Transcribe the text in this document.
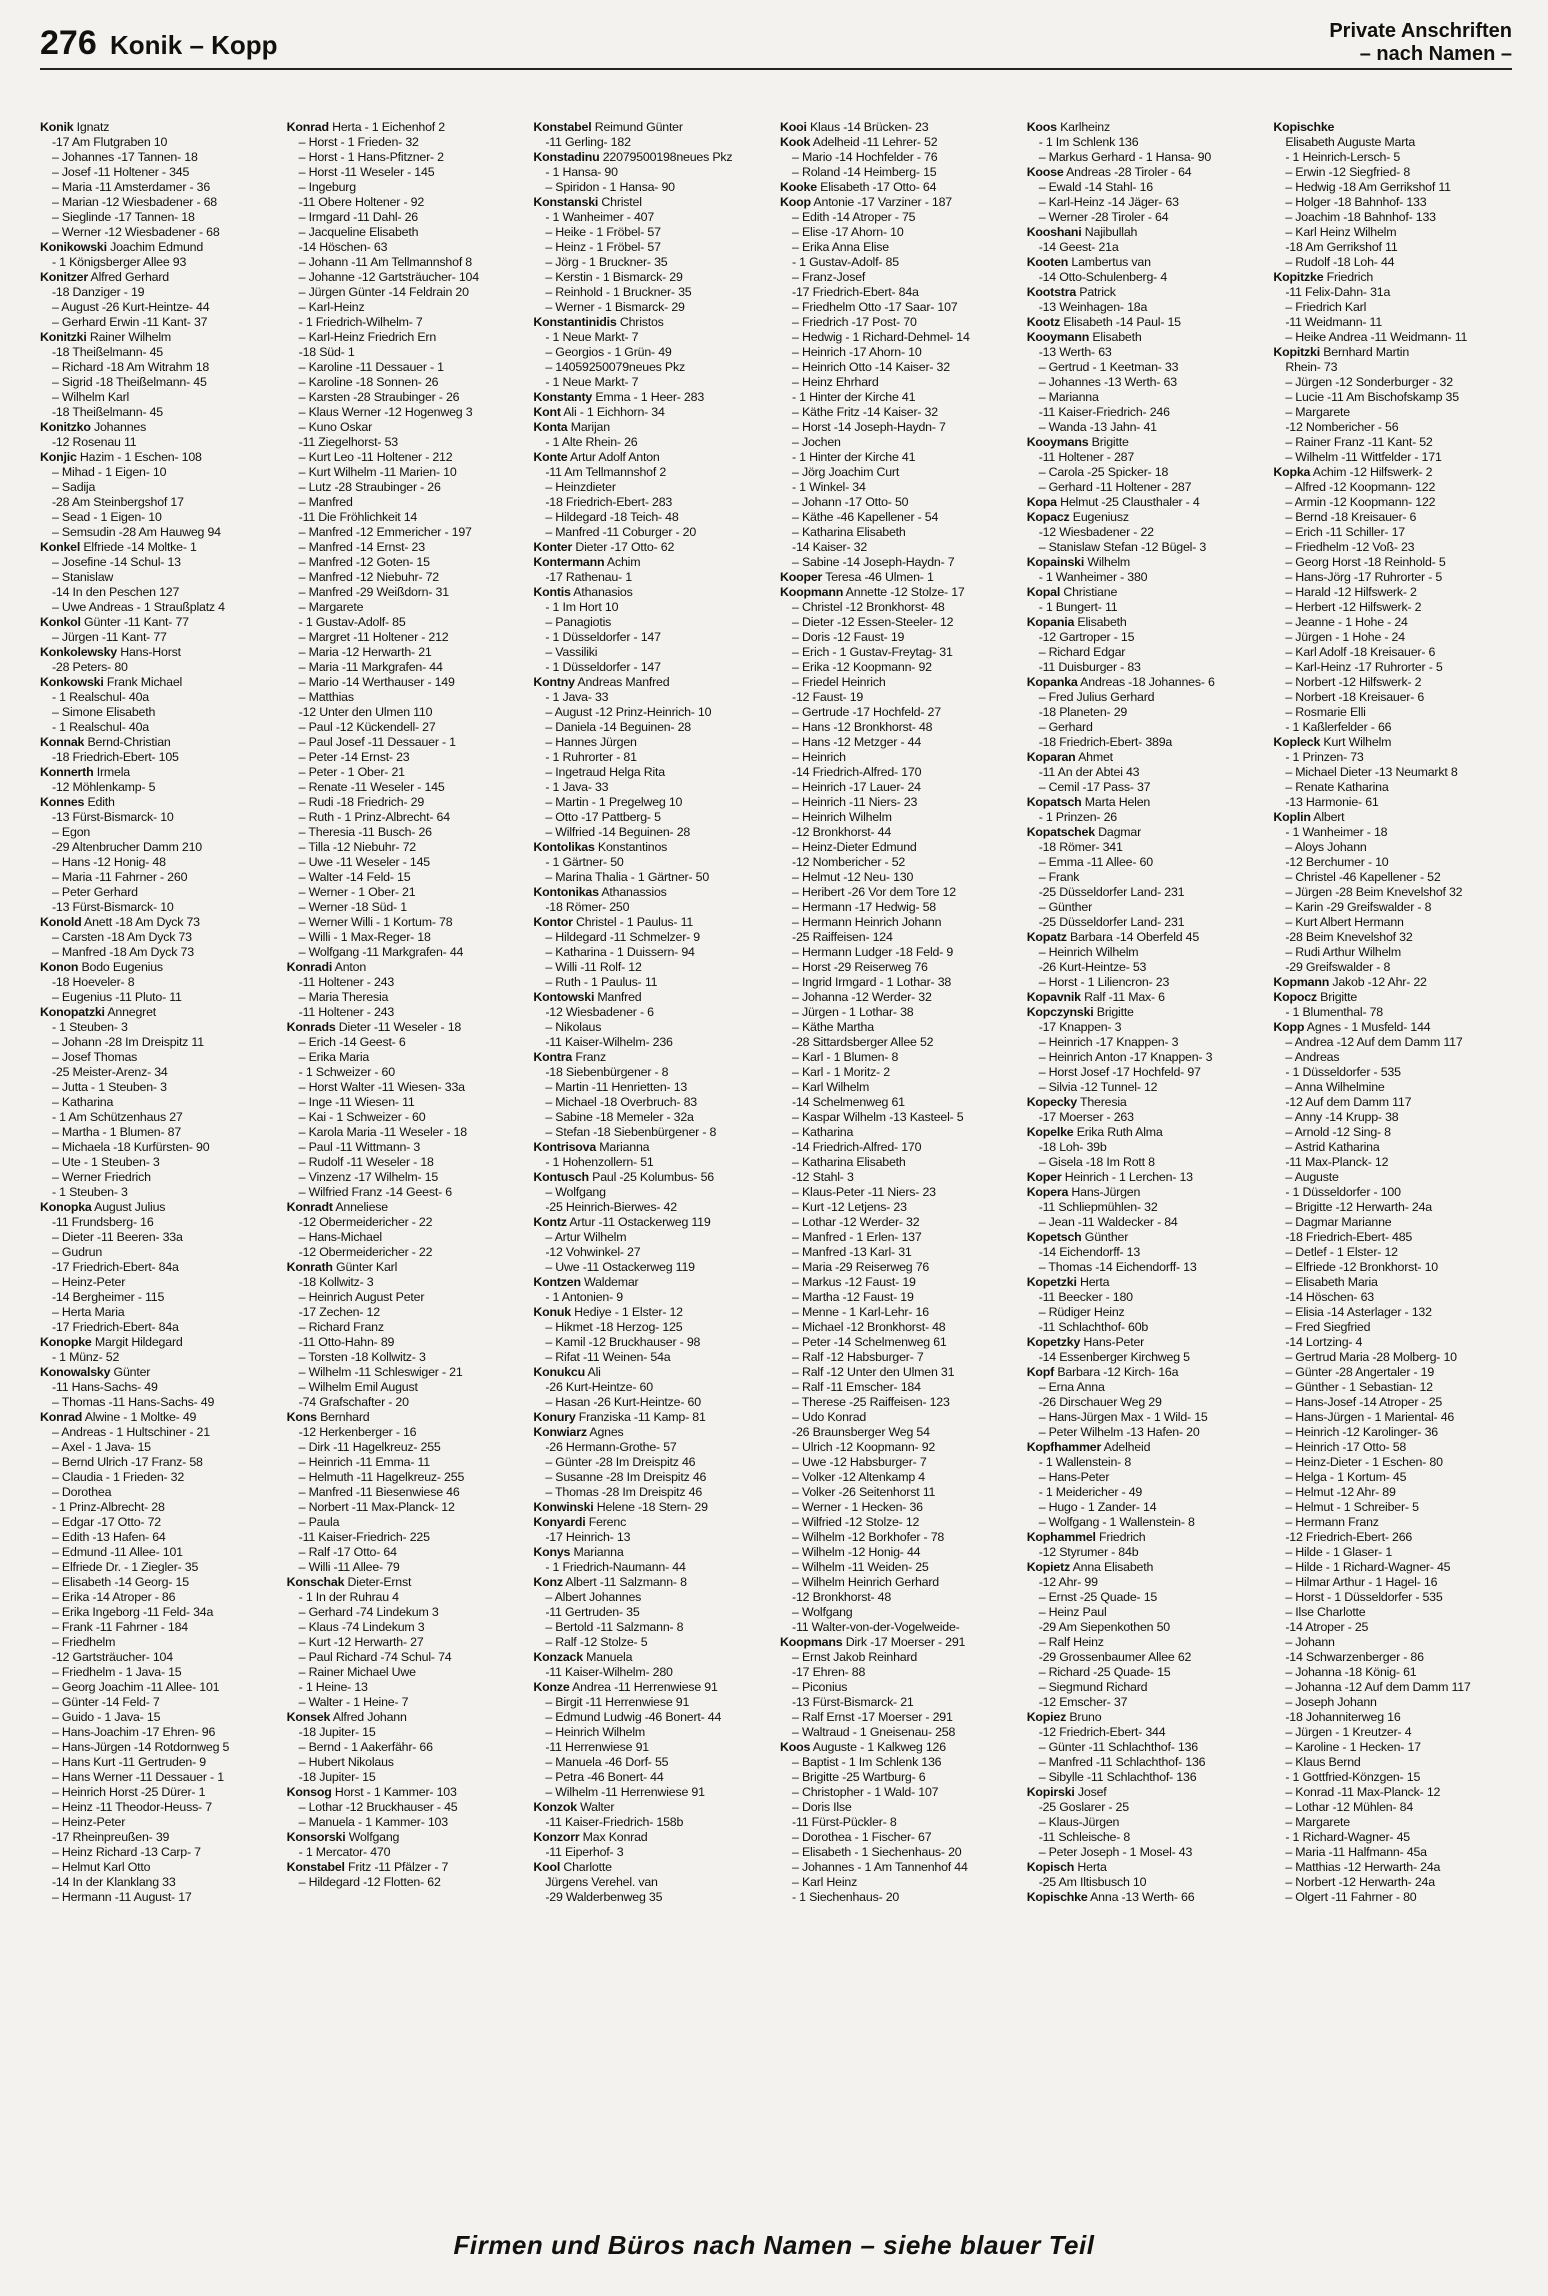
276 Konik – Kopp	Private Anschriften
– nach Namen –
Konik Ignatz
-17 Am Flutgraben 10
– Johannes -17 Tannen- 18
– Josef -11 Holtener - 345
– Maria -11 Amsterdamer - 36
– Marian -12 Wiesbadener - 68
– Sieglinde -17 Tannen- 18
– Werner -12 Wiesbadener - 68
Konikowski Joachim Edmund
- 1 Königsberger Allee 93
Konitzer Alfred Gerhard
-18 Danziger - 19
– August -26 Kurt-Heintze- 44
– Gerhard Erwin -11 Kant- 37
Konitzki Rainer Wilhelm
-18 Theißelmann- 45
– Richard -18 Am Witrahm 18
– Sigrid -18 Theißelmann- 45
– Wilhelm Karl
-18 Theißelmann- 45
Konitzko Johannes
-12 Rosenau 11
Konjic Hazim - 1 Eschen- 108
– Mihad - 1 Eigen- 10
– Sadija
-28 Am Steinbergshof 17
– Sead - 1 Eigen- 10
– Semsudin -28 Am Hauweg 94
Konkel Elfriede -14 Moltke- 1
– Josefine -14 Schul- 13
– Stanislaw
-14 In den Peschen 127
– Uwe Andreas - 1 Straußplatz 4
Konkol Günter -11 Kant- 77
– Jürgen -11 Kant- 77
Konkolewsky Hans-Horst
-28 Peters- 80
Konkowski Frank Michael
- 1 Realschul- 40a
– Simone Elisabeth
- 1 Realschul- 40a
Konnak Bernd-Christian
-18 Friedrich-Ebert- 105
Konnerth Irmela
-12 Möhlenkamp- 5
Konnes Edith
-13 Fürst-Bismarck- 10
– Egon
-29 Altenbrucher Damm 210
– Hans -12 Honig- 48
– Maria -11 Fahrner - 260
– Peter Gerhard
-13 Fürst-Bismarck- 10
Konold Anett -18 Am Dyck 73
– Carsten -18 Am Dyck 73
– Manfred -18 Am Dyck 73
Konon Bodo Eugenius
-18 Hoeveler- 8
– Eugenius -11 Pluto- 11
Konopatzki Annegret
- 1 Steuben- 3
– Johann -28 Im Dreispitz 11
– Josef Thomas
-25 Meister-Arenz- 34
– Jutta - 1 Steuben- 3
– Katharina
- 1 Am Schützenhaus 27
– Martha - 1 Blumen- 87
– Michaela -18 Kurfürsten- 90
– Ute - 1 Steuben- 3
– Werner Friedrich
- 1 Steuben- 3
Konopka August Julius
-11 Frundsberg- 16
– Dieter -11 Beeren- 33a
– Gudrun
-17 Friedrich-Ebert- 84a
– Heinz-Peter
-14 Bergheimer - 115
– Herta Maria
-17 Friedrich-Ebert- 84a
Konopke Margit Hildegard
- 1 Münz- 52
Konowalsky Günter
-11 Hans-Sachs- 49
– Thomas -11 Hans-Sachs- 49
Konrad Alwine - 1 Moltke- 49
– Andreas - 1 Hultschiner - 21
– Axel - 1 Java- 15
– Bernd Ulrich -17 Franz- 58
– Claudia - 1 Frieden- 32
– Dorothea
- 1 Prinz-Albrecht- 28
– Edgar -17 Otto- 72
– Edith -13 Hafen- 64
– Edmund -11 Allee- 101
– Elfriede Dr. - 1 Ziegler- 35
– Elisabeth -14 Georg- 15
– Erika -14 Atroper - 86
– Erika Ingeborg -11 Feld- 34a
– Frank -11 Fahrner - 184
– Friedhelm
-12 Gartsträucher- 104
– Friedhelm - 1 Java- 15
– Georg Joachim -11 Allee- 101
– Günter -14 Feld- 7
– Guido - 1 Java- 15
– Hans-Joachim -17 Ehren- 96
– Hans-Jürgen -14 Rotdornweg 5
– Hans Kurt -11 Gertruden- 9
– Hans Werner -11 Dessauer - 1
– Heinrich Horst -25 Dürer- 1
– Heinz -11 Theodor-Heuss- 7
– Heinz-Peter
-17 Rheinpreußen- 39
– Heinz Richard -13 Carp- 7
– Helmut Karl Otto
-14 In der Klanklang 33
– Hermann -11 August- 17
Konrad Herta - 1 Eichenhof 2
– Horst - 1 Frieden- 32
– Horst - 1 Hans-Pfitzner- 2
– Horst -11 Weseler - 145
– Ingeburg
-11 Obere Holtener - 92
– Irmgard -11 Dahl- 26
– Jacqueline Elisabeth
-14 Höschen- 63
– Johann -11 Am Tellmannshof 8
– Johanne -12 Gartsträucher- 104
– Jürgen Günter -14 Feldrain 20
– Karl-Heinz
- 1 Friedrich-Wilhelm- 7
– Karl-Heinz Friedrich Ern
-18 Süd- 1
– Karoline -11 Dessauer - 1
– Karoline -18 Sonnen- 26
– Karsten -28 Straubinger - 26
– Klaus Werner -12 Hogenweg 3
– Kuno Oskar
-11 Ziegelhorst- 53
– Kurt Leo -11 Holtener - 212
– Kurt Wilhelm -11 Marien- 10
– Lutz -28 Straubinger - 26
– Manfred
-11 Die Fröhlichkeit 14
– Manfred -12 Emmericher - 197
– Manfred -14 Ernst- 23
– Manfred -12 Goten- 15
– Manfred -12 Niebuhr- 72
– Manfred -29 Weißdorn- 31
– Margarete
- 1 Gustav-Adolf- 85
– Margret -11 Holtener - 212
– Maria -12 Herwarth- 21
– Maria -11 Markgrafen- 44
– Mario -14 Werthauser - 149
– Matthias
-12 Unter den Ulmen 110
– Paul -12 Kückendell- 27
– Paul Josef -11 Dessauer - 1
– Peter -14 Ernst- 23
– Peter - 1 Ober- 21
– Renate -11 Weseler - 145
– Rudi -18 Friedrich- 29
– Ruth - 1 Prinz-Albrecht- 64
– Theresia -11 Busch- 26
– Tilla -12 Niebuhr- 72
– Uwe -11 Weseler - 145
– Walter -14 Feld- 15
– Werner - 1 Ober- 21
– Werner -18 Süd- 1
– Werner Willi - 1 Kortum- 78
– Willi - 1 Max-Reger- 18
– Wolfgang -11 Markgrafen- 44
Konradi Anton
-11 Holtener - 243
– Maria Theresia
-11 Holtener - 243
Konrads Dieter -11 Weseler - 18
– Erich -14 Geest- 6
– Erika Maria
- 1 Schweizer - 60
– Horst Walter -11 Wiesen- 33a
– Inge -11 Wiesen- 11
– Kai - 1 Schweizer - 60
– Karola Maria -11 Weseler - 18
– Paul -11 Wittmann- 3
– Rudolf -11 Weseler - 18
– Vinzenz -17 Wilhelm- 15
– Wilfried Franz -14 Geest- 6
Konradt Anneliese
-12 Obermeidericher - 22
– Hans-Michael
-12 Obermeidericher - 22
Konrath Günter Karl
-18 Kollwitz- 3
– Heinrich August Peter
-17 Zechen- 12
– Richard Franz
-11 Otto-Hahn- 89
– Torsten -18 Kollwitz- 3
– Wilhelm -11 Schleswiger - 21
– Wilhelm Emil August
-74 Grafschafter - 20
Kons Bernhard
-12 Herkenberger - 16
– Dirk -11 Hagelkreuz- 255
– Heinrich -11 Emma- 11
– Helmuth -11 Hagelkreuz- 255
– Manfred -11 Biesenwiese 46
– Norbert -11 Max-Planck- 12
– Paula
-11 Kaiser-Friedrich- 225
– Ralf -17 Otto- 64
– Willi -11 Allee- 79
Konschak Dieter-Ernst
- 1 In der Ruhrau 4
– Gerhard -74 Lindekum 3
– Klaus -74 Lindekum 3
– Kurt -12 Herwarth- 27
– Paul Richard -74 Schul- 74
– Rainer Michael Uwe
- 1 Heine- 13
– Walter - 1 Heine- 7
Konsek Alfred Johann
-18 Jupiter- 15
– Bernd - 1 Aakerfähr- 66
– Hubert Nikolaus
-18 Jupiter- 15
Konsog Horst - 1 Kammer- 103
– Lothar -12 Bruckhauser - 45
– Manuela - 1 Kammer- 103
Konsorski Wolfgang
- 1 Mercator- 470
Konstabel Fritz -11 Pfälzer - 7
– Hildegard -12 Flotten- 62
Konstabel Reimund Günter
-11 Gerling- 182
Konstadinu 22079500198neues Pkz
- 1 Hansa- 90
– Spiridon - 1 Hansa- 90
Konstanski Christel
- 1 Wanheimer - 407
– Heike - 1 Fröbel- 57
– Heinz - 1 Fröbel- 57
– Jörg - 1 Bruckner- 35
– Kerstin - 1 Bismarck- 29
– Reinhold - 1 Bruckner- 35
– Werner - 1 Bismarck- 29
Konstantinidis Christos
- 1 Neue Markt- 7
– Georgios - 1 Grün- 49
– 14059250079neues Pkz
- 1 Neue Markt- 7
Konstanty Emma - 1 Heer- 283
Kont Ali - 1 Eichhorn- 34
Konta Marijan
- 1 Alte Rhein- 26
Konte Artur Adolf Anton
-11 Am Tellmannshof 2
– Heinzdieter
-18 Friedrich-Ebert- 283
– Hildegard -18 Teich- 48
– Manfred -11 Coburger - 20
Konter Dieter -17 Otto- 62
Kontermann Achim
-17 Rathenau- 1
Kontis Athanasios
- 1 Im Hort 10
– Panagiotis
- 1 Düsseldorfer - 147
– Vassiliki
- 1 Düsseldorfer - 147
Kontny Andreas Manfred
- 1 Java- 33
– August -12 Prinz-Heinrich- 10
– Daniela -14 Beguinen- 28
– Hannes Jürgen
- 1 Ruhrorter - 81
– Ingetraud Helga Rita
- 1 Java- 33
– Martin - 1 Pregelweg 10
– Otto -17 Pattberg- 5
– Wilfried -14 Beguinen- 28
Kontolikas Konstantinos
- 1 Gärtner- 50
– Marina Thalia - 1 Gärtner- 50
Kontonikas Athanassios
-18 Römer- 250
Kontor Christel - 1 Paulus- 11
– Hildegard -11 Schmelzer- 9
– Katharina - 1 Duissern- 94
– Willi -11 Rolf- 12
– Ruth - 1 Paulus- 11
Kontowski Manfred
-12 Wiesbadener - 6
– Nikolaus
-11 Kaiser-Wilhelm- 236
Kontra Franz
-18 Siebenbürgener - 8
– Martin -11 Henrietten- 13
– Michael -18 Overbruch- 83
– Sabine -18 Memeler - 32a
– Stefan -18 Siebenbürgener - 8
Kontrisova Marianna
- 1 Hohenzollern- 51
Kontusch Paul -25 Kolumbus- 56
– Wolfgang
-25 Heinrich-Bierwes- 42
Kontz Artur -11 Ostackerweg 119
– Artur Wilhelm
-12 Vohwinkel- 27
– Uwe -11 Ostackerweg 119
Kontzen Waldemar
- 1 Antonien- 9
Konuk Hediye - 1 Elster- 12
– Hikmet -18 Herzog- 125
– Kamil -12 Bruckhauser - 98
– Rifat -11 Weinen- 54a
Konukcu Ali
-26 Kurt-Heintze- 60
– Hasan -26 Kurt-Heintze- 60
Konury Franziska -11 Kamp- 81
Konwiarz Agnes
-26 Hermann-Grothe- 57
– Günter -28 Im Dreispitz 46
– Susanne -28 Im Dreispitz 46
– Thomas -28 Im Dreispitz 46
Konwinski Helene -18 Stern- 29
Konyardi Ferenc
-17 Heinrich- 13
Konys Marianna
- 1 Friedrich-Naumann- 44
Konz Albert -11 Salzmann- 8
– Albert Johannes
-11 Gertruden- 35
– Bertold -11 Salzmann- 8
– Ralf -12 Stolze- 5
Konzack Manuela
-11 Kaiser-Wilhelm- 280
Konze Andrea -11 Herrenwiese 91
– Birgit -11 Herrenwiese 91
– Edmund Ludwig -46 Bonert- 44
– Heinrich Wilhelm
-11 Herrenwiese 91
– Manuela -46 Dorf- 55
– Petra -46 Bonert- 44
– Wilhelm -11 Herrenwiese 91
Konzok Walter
-11 Kaiser-Friedrich- 158b
Konzorr Max Konrad
-11 Eiperhof- 3
Kool Charlotte
Jürgens Verehel. van
-29 Walderbenweg 35
Kooi Klaus -14 Brücken- 23
Kook Adelheid -11 Lehrer- 52
– Mario -14 Hochfelder - 76
– Roland -14 Heimberg- 15
Kooke Elisabeth -17 Otto- 64
Koop Antonie -17 Varziner - 187
– Edith -14 Atroper - 75
– Elise -17 Ahorn- 10
– Erika Anna Elise
- 1 Gustav-Adolf- 85
– Franz-Josef
-17 Friedrich-Ebert- 84a
– Friedhelm Otto -17 Saar- 107
– Friedrich -17 Post- 70
– Hedwig - 1 Richard-Dehmel- 14
– Heinrich -17 Ahorn- 10
– Heinrich Otto -14 Kaiser- 32
– Heinz Ehrhard
- 1 Hinter der Kirche 41
– Käthe Fritz -14 Kaiser- 32
– Horst -14 Joseph-Haydn- 7
– Jochen
- 1 Hinter der Kirche 41
– Jörg Joachim Curt
- 1 Winkel- 34
– Johann -17 Otto- 50
– Käthe -46 Kapellener - 54
– Katharina Elisabeth
-14 Kaiser- 32
– Sabine -14 Joseph-Haydn- 7
Kooper Teresa -46 Ulmen- 1
Koopmann Annette -12 Stolze- 17
– Christel -12 Bronkhorst- 48
– Dieter -12 Essen-Steeler- 12
– Doris -12 Faust- 19
– Erich - 1 Gustav-Freytag- 31
– Erika -12 Koopmann- 92
– Friedel Heinrich
-12 Faust- 19
– Gertrude -17 Hochfeld- 27
– Hans -12 Bronkhorst- 48
– Hans -12 Metzger - 44
– Heinrich
-14 Friedrich-Alfred- 170
– Heinrich -17 Lauer- 24
– Heinrich -11 Niers- 23
– Heinrich Wilhelm
-12 Bronkhorst- 44
– Heinz-Dieter Edmund
-12 Nombericher - 52
– Helmut -12 Neu- 130
– Heribert -26 Vor dem Tore 12
– Hermann -17 Hedwig- 58
– Hermann Heinrich Johann
-25 Raiffeisen- 124
– Hermann Ludger -18 Feld- 9
– Horst -29 Reiserweg 76
– Ingrid Irmgard - 1 Lothar- 38
– Johanna -12 Werder- 32
– Jürgen - 1 Lothar- 38
– Käthe Martha
-28 Sittardsberger Allee 52
– Karl - 1 Blumen- 8
– Karl - 1 Moritz- 2
– Karl Wilhelm
-14 Schelmenweg 61
– Kaspar Wilhelm -13 Kasteel- 5
– Katharina
-14 Friedrich-Alfred- 170
– Katharina Elisabeth
-12 Stahl- 3
– Klaus-Peter -11 Niers- 23
– Kurt -12 Letjens- 23
– Lothar -12 Werder- 32
– Manfred - 1 Erlen- 137
– Manfred -13 Karl- 31
– Maria -29 Reiserweg 76
– Markus -12 Faust- 19
– Martha -12 Faust- 19
– Menne - 1 Karl-Lehr- 16
– Michael -12 Bronkhorst- 48
– Peter -14 Schelmenweg 61
– Ralf -12 Habsburger- 7
– Ralf -12 Unter den Ulmen 31
– Ralf -11 Emscher- 184
– Therese -25 Raiffeisen- 123
– Udo Konrad
-26 Braunsberger Weg 54
– Ulrich -12 Koopmann- 92
– Uwe -12 Habsburger- 7
– Volker -12 Altenkamp 4
– Volker -26 Seitenhorst 11
– Werner - 1 Hecken- 36
– Wilfried -12 Stolze- 12
– Wilhelm -12 Borkhofer - 78
– Wilhelm -12 Honig- 44
– Wilhelm -11 Weiden- 25
– Wilhelm Heinrich Gerhard
-12 Bronkhorst- 48
– Wolfgang
-11 Walter-von-der-Vogelweide-
Koopmans Dirk -17 Moerser - 291
– Ernst Jakob Reinhard
-17 Ehren- 88
– Piconius
-13 Fürst-Bismarck- 21
– Ralf Ernst -17 Moerser - 291
– Waltraud - 1 Gneisenau- 258
Koos Auguste - 1 Kalkweg 126
– Baptist - 1 Im Schlenk 136
– Brigitte -25 Wartburg- 6
– Christopher - 1 Wald- 107
– Doris Ilse
-11 Fürst-Pückler- 8
– Dorothea - 1 Fischer- 67
– Elisabeth - 1 Siechenhaus- 20
– Johannes - 1 Am Tannenhof 44
– Karl Heinz
- 1 Siechenhaus- 20
Koos Karlheinz
- 1 Im Schlenk 136
– Markus Gerhard - 1 Hansa- 90
Koose Andreas -28 Tiroler - 64
– Ewald -14 Stahl- 16
– Karl-Heinz -14 Jäger- 63
– Werner -28 Tiroler - 64
Kooshani Najibullah
-14 Geest- 21a
Kooten Lambertus van
-14 Otto-Schulenberg- 4
Kootstra Patrick
-13 Weinhagen- 18a
Kootz Elisabeth -14 Paul- 15
Kooymann Elisabeth
-13 Werth- 63
– Gertrud - 1 Keetman- 33
– Johannes -13 Werth- 63
– Marianna
-11 Kaiser-Friedrich- 246
– Wanda -13 Jahn- 41
Kooymans Brigitte
-11 Holtener - 287
– Carola -25 Spicker- 18
– Gerhard -11 Holtener - 287
Kopa Helmut -25 Clausthaler - 4
Kopacz Eugeniusz
-12 Wiesbadener - 22
– Stanislaw Stefan -12 Bügel- 3
Kopainski Wilhelm
- 1 Wanheimer - 380
Kopal Christiane
- 1 Bungert- 11
Kopania Elisabeth
-12 Gartroper - 15
– Richard Edgar
-11 Duisburger - 83
Kopanka Andreas -18 Johannes- 6
– Fred Julius Gerhard
-18 Planeten- 29
– Gerhard
-18 Friedrich-Ebert- 389a
Koparan Ahmet
-11 An der Abtei 43
– Cemil -17 Pass- 37
Kopatsch Marta Helen
- 1 Prinzen- 26
Kopatschek Dagmar
-18 Römer- 341
– Emma -11 Allee- 60
– Frank
-25 Düsseldorfer Land- 231
– Günther
-25 Düsseldorfer Land- 231
Kopatz Barbara -14 Oberfeld 45
– Heinrich Wilhelm
-26 Kurt-Heintze- 53
– Horst - 1 Liliencron- 23
Kopavnik Ralf -11 Max- 6
Kopczynski Brigitte
-17 Knappen- 3
– Heinrich -17 Knappen- 3
– Heinrich Anton -17 Knappen- 3
– Horst Josef -17 Hochfeld- 97
– Silvia -12 Tunnel- 12
Kopecky Theresia
-17 Moerser - 263
Kopelke Erika Ruth Alma
-18 Loh- 39b
– Gisela -18 Im Rott 8
Koper Heinrich - 1 Lerchen- 13
Kopera Hans-Jürgen
-11 Schliepmühlen- 32
– Jean -11 Waldecker - 84
Kopetsch Günther
-14 Eichendorff- 13
– Thomas -14 Eichendorff- 13
Kopetzki Herta
-11 Beecker - 180
– Rüdiger Heinz
-11 Schlachthof- 60b
Kopetzky Hans-Peter
-14 Essenberger Kirchweg 5
Kopf Barbara -12 Kirch- 16a
– Erna Anna
-26 Dirschauer Weg 29
– Hans-Jürgen Max - 1 Wild- 15
– Peter Wilhelm -13 Hafen- 20
Kopfhammer Adelheid
- 1 Wallenstein- 8
– Hans-Peter
- 1 Meidericher - 49
– Hugo - 1 Zander- 14
– Wolfgang - 1 Wallenstein- 8
Kophammel Friedrich
-12 Styrumer - 84b
Kopietz Anna Elisabeth
-12 Ahr- 99
– Ernst -25 Quade- 15
– Heinz Paul
-29 Am Siepenkothen 50
– Ralf Heinz
-29 Grossenbaumer Allee 62
– Richard -25 Quade- 15
– Siegmund Richard
-12 Emscher- 37
Kopiez Bruno
-12 Friedrich-Ebert- 344
– Günter -11 Schlachthof- 136
– Manfred -11 Schlachthof- 136
– Sibylle -11 Schlachthof- 136
Kopirski Josef
-25 Goslarer - 25
– Klaus-Jürgen
-11 Schleische- 8
– Peter Joseph - 1 Mosel- 43
Kopisch Herta
-25 Am Iltisbusch 10
Kopischke Anna -13 Werth- 66
Kopischke
Elisabeth Auguste Marta
- 1 Heinrich-Lersch- 5
– Erwin -12 Siegfried- 8
– Hedwig -18 Am Gerrikshof 11
– Holger -18 Bahnhof- 133
– Joachim -18 Bahnhof- 133
– Karl Heinz Wilhelm
-18 Am Gerrikshof 11
– Rudolf -18 Loh- 44
Kopitzke Friedrich
-11 Felix-Dahn- 31a
– Friedrich Karl
-11 Weidmann- 11
– Heike Andrea -11 Weidmann- 11
Kopitzki Bernhard Martin
Rhein- 73
– Jürgen -12 Sonderburger - 32
– Lucie -11 Am Bischofskamp 35
– Margarete
-12 Nombericher - 56
– Rainer Franz -11 Kant- 52
– Wilhelm -11 Wittfelder - 171
Kopka Achim -12 Hilfswerk- 2
– Alfred -12 Koopmann- 122
– Armin -12 Koopmann- 122
– Bernd -18 Kreisauer- 6
– Erich -11 Schiller- 17
– Friedhelm -12 Voß- 23
– Georg Horst -18 Reinhold- 5
– Hans-Jörg -17 Ruhrorter - 5
– Harald -12 Hilfswerk- 2
– Herbert -12 Hilfswerk- 2
– Jeanne - 1 Hohe - 24
– Jürgen - 1 Hohe - 24
– Karl Adolf -18 Kreisauer- 6
– Karl-Heinz -17 Ruhrorter - 5
– Norbert -12 Hilfswerk- 2
– Norbert -18 Kreisauer- 6
– Rosmarie Elli
- 1 Kaßlerfelder - 66
Kopleck Kurt Wilhelm
- 1 Prinzen- 73
– Michael Dieter -13 Neumarkt 8
– Renate Katharina
-13 Harmonie- 61
Koplin Albert
- 1 Wanheimer - 18
– Aloys Johann
-12 Berchumer - 10
– Christel -46 Kapellener - 52
– Jürgen -28 Beim Knevelshof 32
– Karin -29 Greifswalder - 8
– Kurt Albert Hermann
-28 Beim Knevelshof 32
– Rudi Arthur Wilhelm
-29 Greifswalder - 8
Kopmann Jakob -12 Ahr- 22
Kopocz Brigitte
- 1 Blumenthal- 78
Kopp Agnes - 1 Musfeld- 144
– Andrea -12 Auf dem Damm 117
– Andreas
- 1 Düsseldorfer - 535
– Anna Wilhelmine
-12 Auf dem Damm 117
– Anny -14 Krupp- 38
– Arnold -12 Sing- 8
– Astrid Katharina
-11 Max-Planck- 12
– Auguste
- 1 Düsseldorfer - 100
– Brigitte -12 Herwarth- 24a
– Dagmar Marianne
-18 Friedrich-Ebert- 485
– Detlef - 1 Elster- 12
– Elfriede -12 Bronkhorst- 10
– Elisabeth Maria
-14 Höschen- 63
– Elisia -14 Asterlager - 132
– Fred Siegfried
-14 Lortzing- 4
– Gertrud Maria -28 Molberg- 10
– Günter -28 Angertaler - 19
– Günther - 1 Sebastian- 12
– Hans-Josef -14 Atroper - 25
– Hans-Jürgen - 1 Mariental- 46
– Heinrich -12 Karolinger- 36
– Heinrich -17 Otto- 58
– Heinz-Dieter - 1 Eschen- 80
– Helga - 1 Kortum- 45
– Helmut -12 Ahr- 89
– Helmut - 1 Schreiber- 5
– Hermann Franz
-12 Friedrich-Ebert- 266
– Hilde - 1 Glaser- 1
– Hilde - 1 Richard-Wagner- 45
– Hilmar Arthur - 1 Hagel- 16
– Horst - 1 Düsseldorfer - 535
– Ilse Charlotte
-14 Atroper - 25
– Johann
-14 Schwarzenberger - 86
– Johanna -18 König- 61
– Johanna -12 Auf dem Damm 117
– Joseph Johann
-18 Johanniterweg 16
– Jürgen - 1 Kreutzer- 4
– Karoline - 1 Hecken- 17
– Klaus Bernd
- 1 Gottfried-Könzgen- 15
– Konrad -11 Max-Planck- 12
– Lothar -12 Mühlen- 84
– Margarete
- 1 Richard-Wagner- 45
– Maria -11 Halfmann- 45a
– Matthias -12 Herwarth- 24a
– Norbert -12 Herwarth- 24a
– Olgert -11 Fahrner - 80
Firmen und Büros nach Namen – siehe blauer Teil
